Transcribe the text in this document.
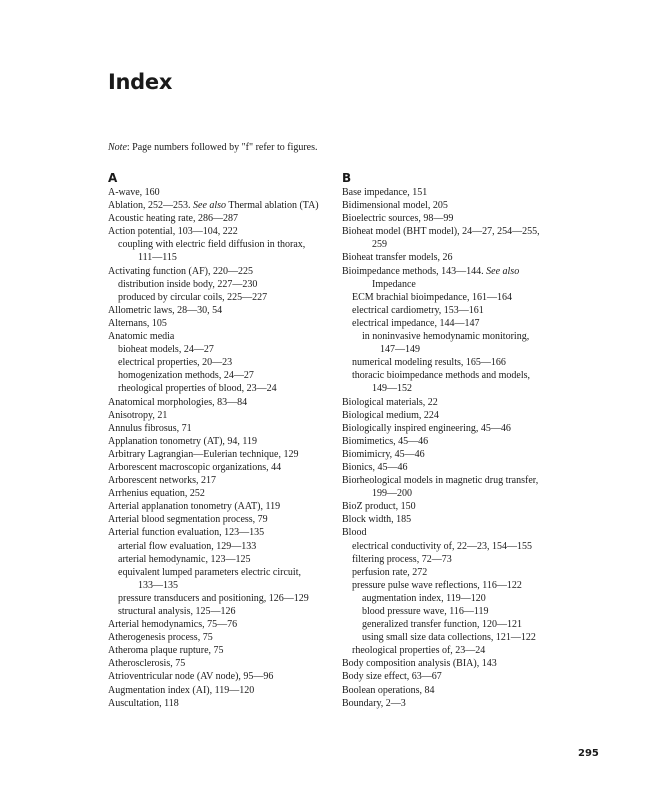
Index
Note: Page numbers followed by "f" refer to figures.
A
A-wave, 160
Ablation, 252—253. See also Thermal ablation (TA)
Acoustic heating rate, 286—287
Action potential, 103—104, 222
coupling with electric field diffusion in thorax,
111—115
Activating function (AF), 220—225
distribution inside body, 227—230
produced by circular coils, 225—227
Allometric laws, 28—30, 54
Alternans, 105
Anatomic media
bioheat models, 24—27
electrical properties, 20—23
homogenization methods, 24—27
rheological properties of blood, 23—24
Anatomical morphologies, 83—84
Anisotropy, 21
Annulus fibrosus, 71
Applanation tonometry (AT), 94, 119
Arbitrary Lagrangian—Eulerian technique, 129
Arborescent macroscopic organizations, 44
Arborescent networks, 217
Arrhenius equation, 252
Arterial applanation tonometry (AAT), 119
Arterial blood segmentation process, 79
Arterial function evaluation, 123—135
arterial flow evaluation, 129—133
arterial hemodynamic, 123—125
equivalent lumped parameters electric circuit,
133—135
pressure transducers and positioning, 126—129
structural analysis, 125—126
Arterial hemodynamics, 75—76
Atherogenesis process, 75
Atheroma plaque rupture, 75
Atherosclerosis, 75
Atrioventricular node (AV node), 95—96
Augmentation index (AI), 119—120
Auscultation, 118
B
Base impedance, 151
Bidimensional model, 205
Bioelectric sources, 98—99
Bioheat model (BHT model), 24—27, 254—255,
259
Bioheat transfer models, 26
Bioimpedance methods, 143—144. See also
Impedance
ECM brachial bioimpedance, 161—164
electrical cardiometry, 153—161
electrical impedance, 144—147
in noninvasive hemodynamic monitoring,
147—149
numerical modeling results, 165—166
thoracic bioimpedance methods and models,
149—152
Biological materials, 22
Biological medium, 224
Biologically inspired engineering, 45—46
Biomimetics, 45—46
Biomimicry, 45—46
Bionics, 45—46
Biorheological models in magnetic drug transfer,
199—200
BioZ product, 150
Block width, 185
Blood
electrical conductivity of, 22—23, 154—155
filtering process, 72—73
perfusion rate, 272
pressure pulse wave reflections, 116—122
augmentation index, 119—120
blood pressure wave, 116—119
generalized transfer function, 120—121
using small size data collections, 121—122
rheological properties of, 23—24
Body composition analysis (BIA), 143
Body size effect, 63—67
Boolean operations, 84
Boundary, 2—3
295
